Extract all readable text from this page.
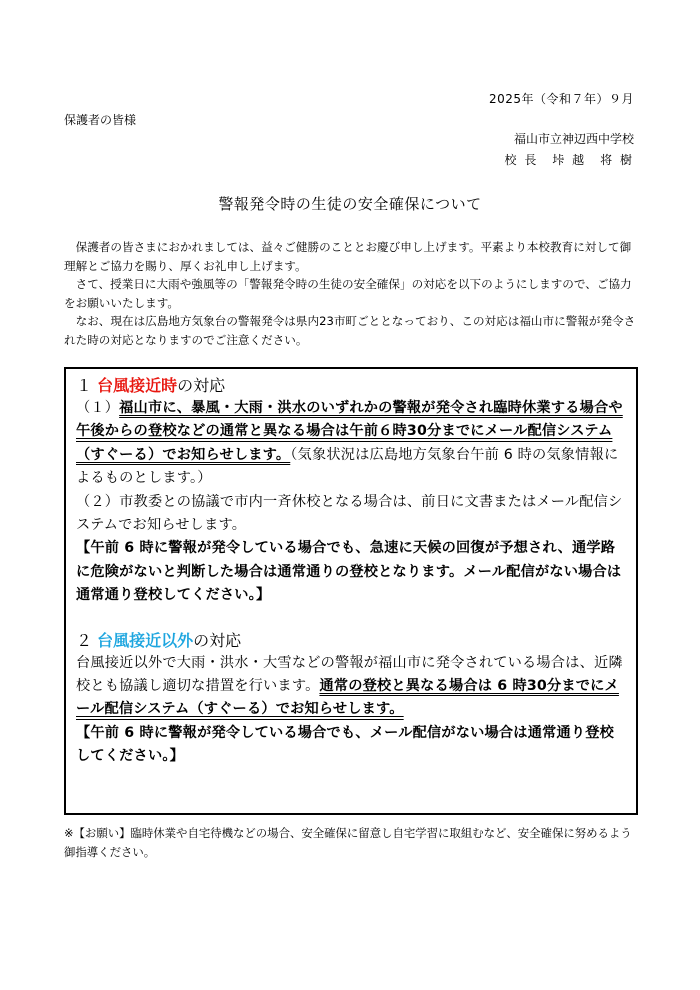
2025年（令和７年）９月
保護者の皆様
福山市立神辺西中学校
校 長　垰 越　将 樹
警報発令時の生徒の安全確保について

保護者の皆さまにおかれましては、益々ご健勝のこととお慶び申し上げます。平素より本校教育に対して御理解とご協力を賜り、厚くお礼申し上げます。

さて、授業日に大雨や強風等の「警報発令時の生徒の安全確保」の対応を以下のようにしますので、ご協力をお願いいたします。

なお、現在は広島地方気象台の警報発令は県内23市町ごととなっており、この対応は福山市に警報が発令された時の対応となりますのでご注意ください。

１ 台風接近時の対応

（１）福山市に、暴風・大雨・洪水のいずれかの警報が発令され臨時休業する場合や午後からの登校などの通常と異なる場合は午前６時30分までにメール配信システム（すぐーる）でお知らせします。（気象状況は広島地方気象台午前 6 時の気象情報によるものとします。）

（２）市教委との協議で市内一斉休校となる場合は、前日に文書またはメール配信システムでお知らせします。

【午前 6 時に警報が発令している場合でも、急速に天候の回復が予想され、通学路に危険がないと判断した場合は通常通りの登校となります。メール配信がない場合は通常通り登校してください。】

２ 台風接近以外の対応

台風接近以外で大雨・洪水・大雪などの警報が福山市に発令されている場合は、近隣校とも協議し適切な措置を行います。通常の登校と異なる場合は 6 時30分までにメール配信システム（すぐーる）でお知らせします。

【午前 6 時に警報が発令している場合でも、メール配信がない場合は通常通り登校してください。】

※【お願い】臨時休業や自宅待機などの場合、安全確保に留意し自宅学習に取組むなど、安全確保に努めるよう御指導ください。
